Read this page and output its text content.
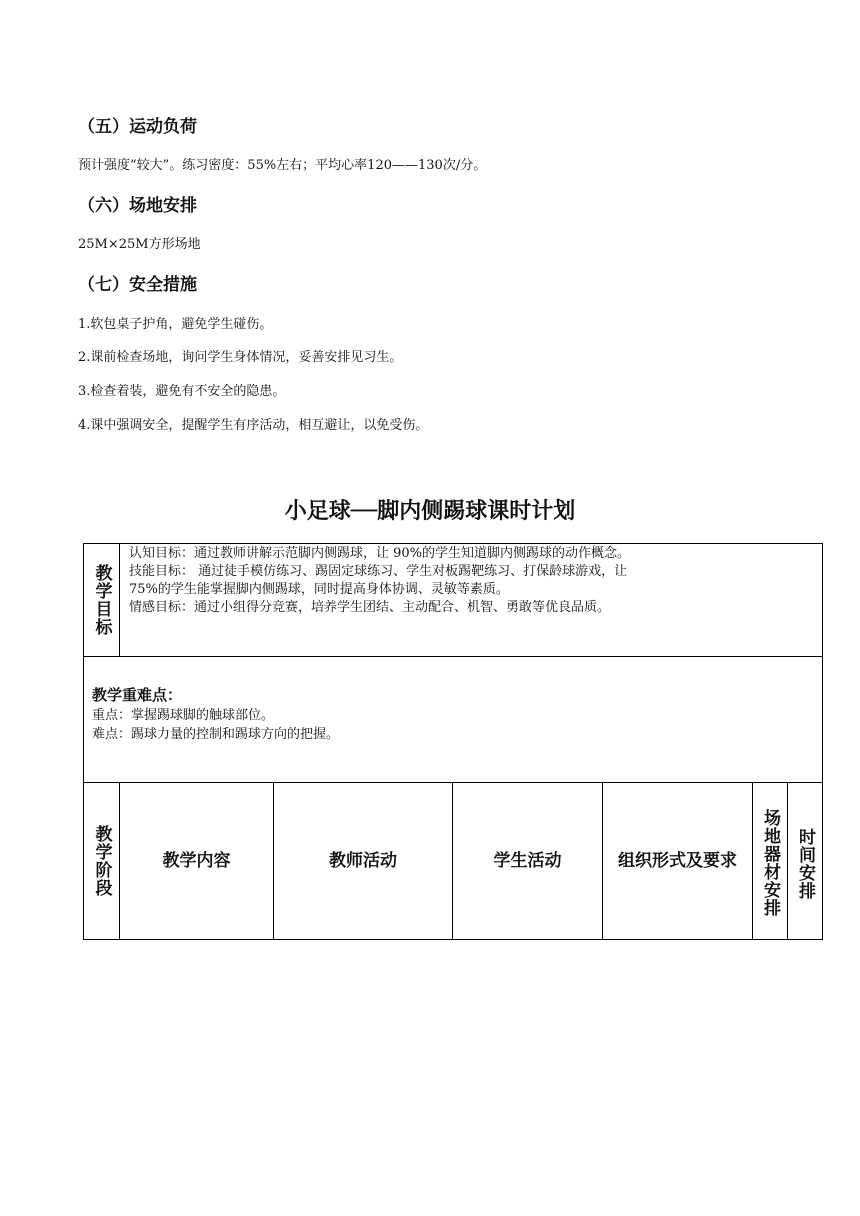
（五）运动负荷
预计强度“较大”。练习密度：55%左右；平均心率120——130次/分。
（六）场地安排
25M×25M方形场地
（七）安全措施
1.软包桌子护角，避免学生碰伤。
2.课前检查场地，询问学生身体情况，妥善安排见习生。
3.检查着装，避免有不安全的隐患。
4.课中强调安全，提醒学生有序活动，相互避让，以免受伤。
小足球──脚内侧踢球课时计划
教学目标	认知目标：通过教师讲解示范脚内侧踢球，让 90%的学生知道脚内侧踢球的动作概念。
技能目标： 通过徒手模仿练习、踢固定球练习、学生对板踢靶练习、打保龄球游戏，让
75%的学生能掌握脚内侧踢球，同时提高身体协调、灵敏等素质。
情感目标：通过小组得分竞赛，培养学生团结、主动配合、机智、勇敢等优良品质。					

教学重难点：
重点：掌握踢球脚的触球部位。
难点：踢球力量的控制和踢球方向的把握。						

教学阶段	教学内容	教师活动	学生活动	组织形式及要求	场地器材安排	时间安排
